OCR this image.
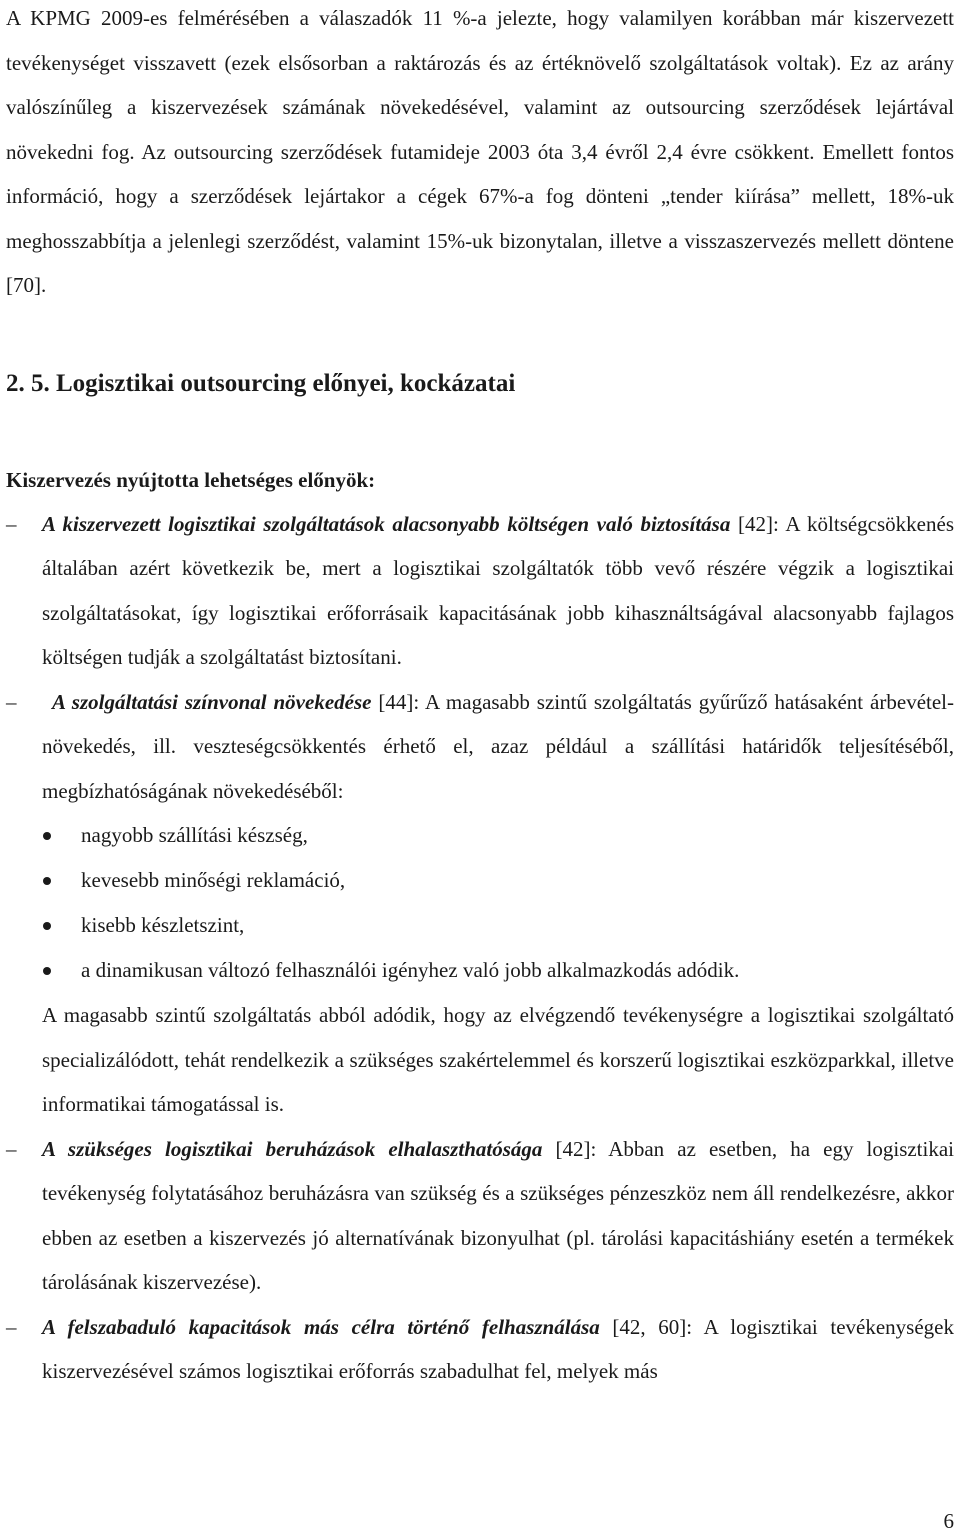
A KPMG 2009-es felmérésében a válaszadók 11 %-a jelezte, hogy valamilyen korábban már kiszervezett tevékenységet visszavett (ezek elsősorban a raktározás és az értéknövelő szolgáltatások voltak). Ez az arány valószínűleg a kiszervezések számának növekedésével, valamint az outsourcing szerződések lejártával növekedni fog. Az outsourcing szerződések futamideje 2003 óta 3,4 évről 2,4 évre csökkent. Emellett fontos információ, hogy a szerződések lejártakor a cégek 67%-a fog dönteni „tender kiírása” mellett, 18%-uk meghosszabbítja a jelenlegi szerződést, valamint 15%-uk bizonytalan, illetve a visszaszervezés mellett döntene [70].

2. 5. Logisztikai outsourcing előnyei, kockázatai
Kiszervezés nyújtotta lehetséges előnyök:
– A kiszervezett logisztikai szolgáltatások alacsonyabb költségen való biztosítása [42]: A költségcsökkenés általában azért következik be, mert a logisztikai szolgáltatók több vevő részére végzik a logisztikai szolgáltatásokat, így logisztikai erőforrásaik kapacitásának jobb kihasználtságával alacsonyabb fajlagos költségen tudják a szolgáltatást biztosítani.

–	A szolgáltatási színvonal növekedése [44]: A magasabb szintű szolgáltatás gyűrűző hatásaként árbevétel-növekedés, ill. veszteségcsökkentés érhető el, azaz például a szállítási határidők teljesítéséből, megbízhatóságának növekedéséből:

nagyobb szállítási készség,
kevesebb minőségi reklamáció,
kisebb készletszint,
a dinamikusan változó felhasználói igényhez való jobb alkalmazkodás adódik.

A magasabb szintű szolgáltatás abból adódik, hogy az elvégzendő tevékenységre a logisztikai szolgáltató specializálódott, tehát rendelkezik a szükséges szakértelemmel és korszerű logisztikai eszközparkkal, illetve informatikai támogatással is.

– A szükséges logisztikai beruházások elhalaszthatósága [42]: Abban az esetben, ha egy logisztikai tevékenység folytatásához beruházásra van szükség és a szükséges pénzeszköz nem áll rendelkezésre, akkor ebben az esetben a kiszervezés jó alternatívának bizonyulhat (pl. tárolási kapacitáshiány esetén a termékek tárolásának kiszervezése).

– A felszabaduló kapacitások más célra történő felhasználása [42, 60]: A logisztikai tevékenységek kiszervezésével számos logisztikai erőforrás szabadulhat fel, melyek más

6
